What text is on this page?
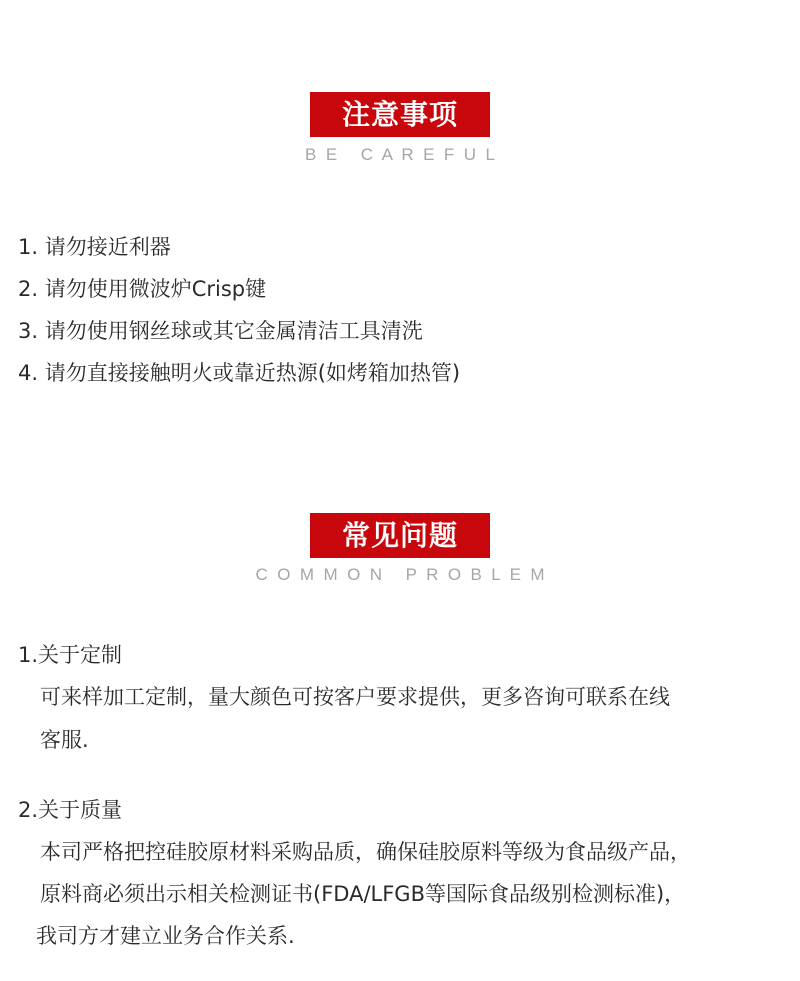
注意事项
B  E     C  A  R  E  F  U  L
1. 请勿接近利器
2. 请勿使用微波炉Crisp键
3. 请勿使用钢丝球或其它金属清洁工具清洗
4. 请勿直接接触明火或靠近热源(如烤箱加热管)
常见问题
C  O  M  M  O  N     P  R  O  B  L  E  M
1.关于定制
可来样加工定制，量大颜色可按客户要求提供，更多咨询可联系在线
客服.
2.关于质量
本司严格把控硅胶原材料采购品质，确保硅胶原料等级为食品级产品，
原料商必须出示相关检测证书(FDA/LFGB等国际食品级别检测标准)，
我司方才建立业务合作关系.
